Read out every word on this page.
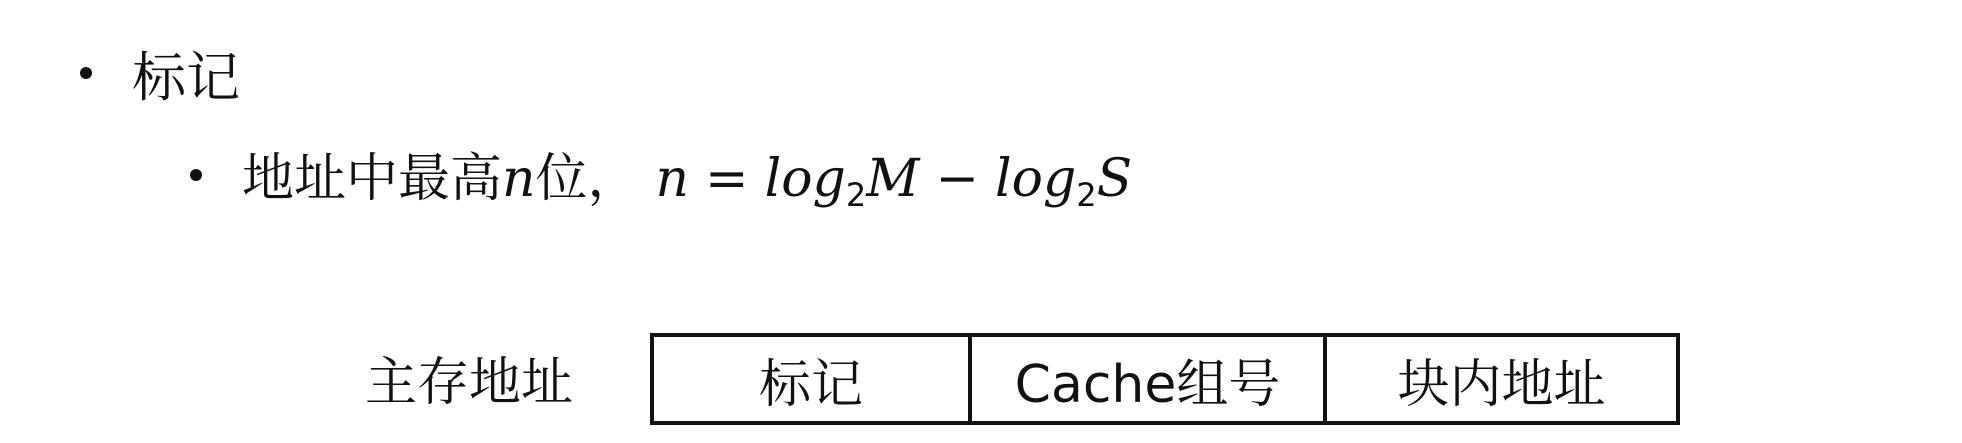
标记
地址中最高n位， $n = \log_2M - \log_2S$
主存地址	标记	Cache组号	块内地址
